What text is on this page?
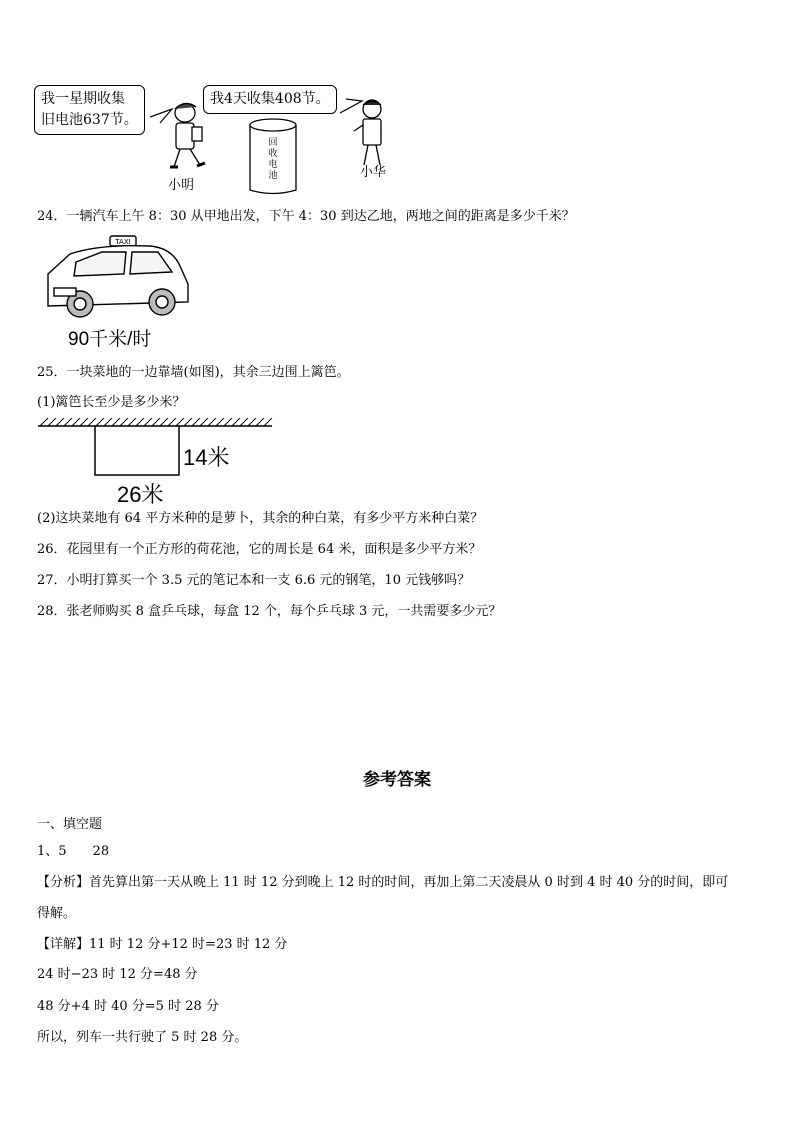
我一星期收集
旧电池637节。
我4天收集408节。
回
收
电
池
小明
小华
24．一辆汽车上午 8：30 从甲地出发，下午 4：30 到达乙地，两地之间的距离是多少千米？
TAXI
90千米/时
25．一块菜地的一边靠墙(如图)，其余三边围上篱笆。
(1)篱笆长至少是多少米？
14米
26米
(2)这块菜地有 64 平方米种的是萝卜，其余的种白菜，有多少平方米种白菜？
26．花园里有一个正方形的荷花池，它的周长是 64 米，面积是多少平方米？
27．小明打算买一个 3.5 元的笔记本和一支 6.6 元的钢笔，10 元钱够吗？
28．张老师购买 8 盒乒乓球，每盒 12 个，每个乒乓球 3 元，一共需要多少元？
参考答案
一、填空题
1、5　　28
【分析】首先算出第一天从晚上 11 时 12 分到晚上 12 时的时间，再加上第二天凌晨从 0 时到 4 时 40 分的时间，即可
得解。
【详解】11 时 12 分+12 时=23 时 12 分
24 时−23 时 12 分=48 分
48 分+4 时 40 分=5 时 28 分
所以，列车一共行驶了 5 时 28 分。
